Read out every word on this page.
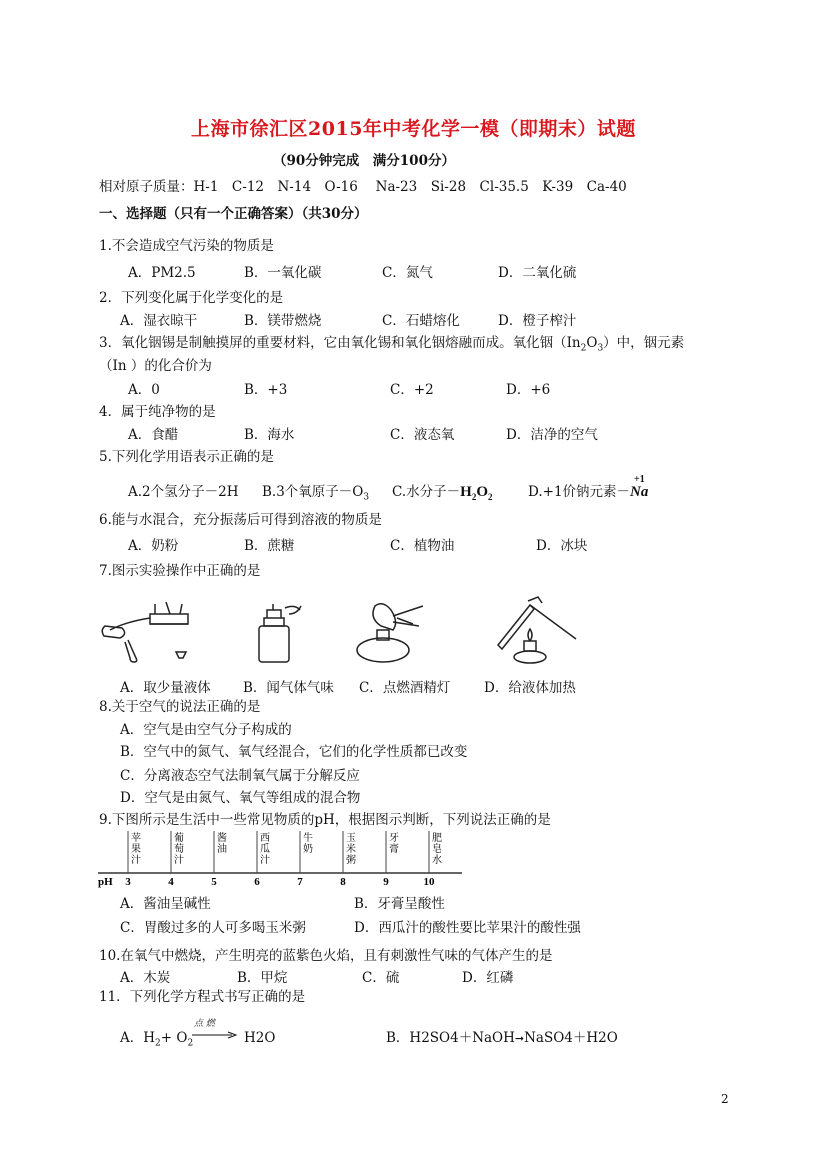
上海市徐汇区2015年中考化学一模（即期末）试题
（90分钟完成　满分100分）
相对原子质量：H-1　C-12　N-14　O-16　 Na-23　Si-28　Cl-35.5　K-39　Ca-40
一、选择题（只有一个正确答案）（共30分）
1.不会造成空气污染的物质是
A．PM2.5	B．一氧化碳	C．氮气	D．二氧化硫
2．下列变化属于化学变化的是
A．湿衣晾干	B．镁带燃烧	C．石蜡熔化	D．橙子榨汁
3．氧化铟锡是制触摸屏的重要材料，它由氧化锡和氧化铟熔融而成。氧化铟$(In_2O_3)$中，铟元素
（In ）的化合价为
A．0	B．+3	C．+2	D．+6
4．属于纯净物的是
A．食醋	B．海水	C．液态氧	D．洁净的空气
5.下列化学用语表示正确的是
A.2个氢分子－2H B.3个氧原子$-O_3$ C.水分子$-H_2O_2$	D.+1价钠元素－
+1
Na
6.能与水混合，充分振荡后可得到溶液的物质是
A．奶粉	B．蔗糖	C．植物油	D．冰块
7.图示实验操作中正确的是
A．取少量液体 B．闻气体气味 C．点燃酒精灯 D．给液体加热
8.关于空气的说法正确的是
A．空气是由空气分子构成的
B．空气中的氮气、氧气经混合，它们的化学性质都已改变
C．分离液态空气法制氧气属于分解反应
D．空气是由氮气、氧气等组成的混合物
9.下图所示是生活中一些常见物质的pH，根据图示判断，下列说法正确的是
pH 3	4	5	6	7	8	9	10
苹
果
汁
葡
萄
汁
酱
油
西
瓜
汁
牛
奶
玉
米
粥
牙
膏
肥
皂
水
A．酱油呈碱性	B．牙膏呈酸性
C．胃酸过多的人可多喝玉米粥	D．西瓜汁的酸性要比苹果汁的酸性强
10.在氧气中燃烧，产生明亮的蓝紫色火焰，且有刺激性气味的气体产生的是
A．木炭	B．甲烷	C．硫	D．红磷
11．下列化学方程式书写正确的是
A．$H_2+ O_2$
点 燃
→ H2O	B．H2SO4＋NaOH➞NaSO4＋H2O
2
